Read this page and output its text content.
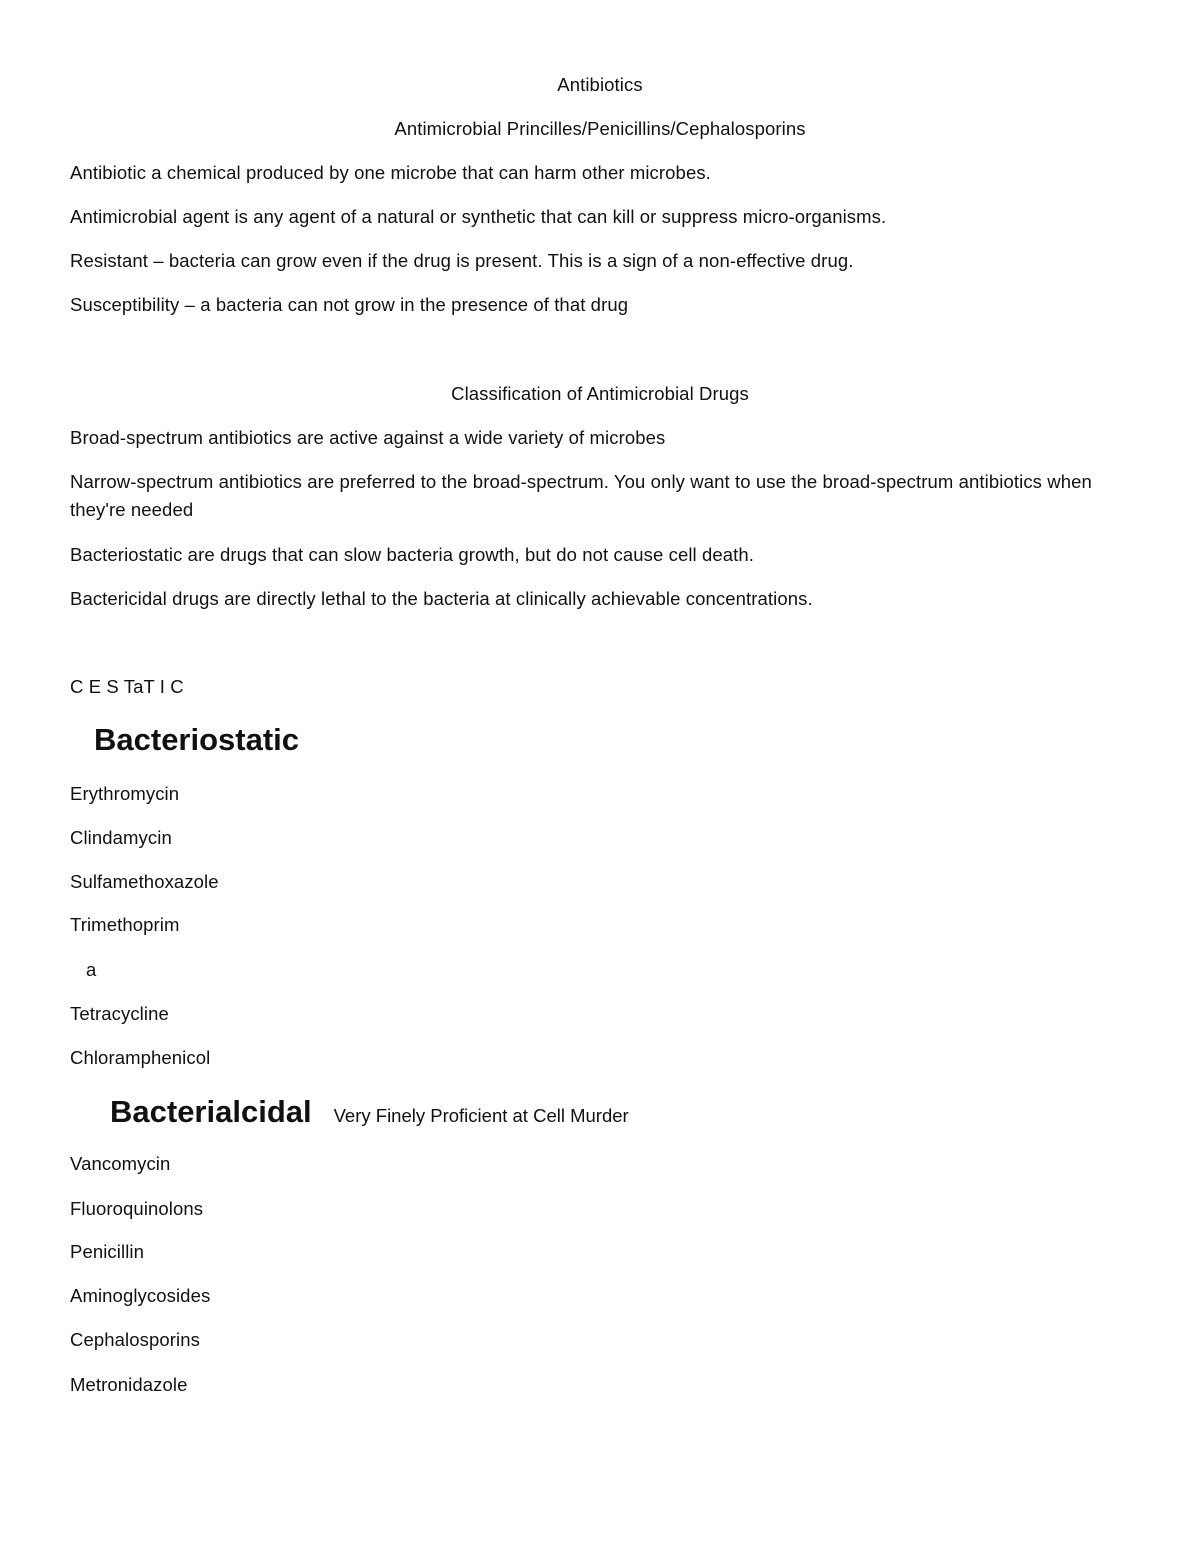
Antibiotics
Antimicrobial Princilles/Penicillins/Cephalosporins
Antibiotic a chemical produced by one microbe that can harm other microbes.
Antimicrobial agent is any agent of a natural or synthetic that can kill or suppress micro-organisms.
Resistant – bacteria can grow even if the drug is present. This is a sign of a non-effective drug.
Susceptibility – a bacteria can not grow in the presence of that drug
Classification of Antimicrobial Drugs
Broad-spectrum antibiotics are active against a wide variety of microbes
Narrow-spectrum antibiotics are preferred to the broad-spectrum. You only want to use the broad-spectrum antibiotics when they're needed
Bacteriostatic are drugs that can slow bacteria growth, but do not cause cell death.
Bactericidal drugs are directly lethal to the bacteria at clinically achievable concentrations.
C E S TaT I C
Bacteriostatic
Erythromycin
Clindamycin
Sulfamethoxazole
Trimethoprim
a
Tetracycline
Chloramphenicol
Bacterialcidal Very Finely Proficient at Cell Murder
Vancomycin
Fluoroquinolons
Penicillin
Aminoglycosides
Cephalosporins
Metronidazole
